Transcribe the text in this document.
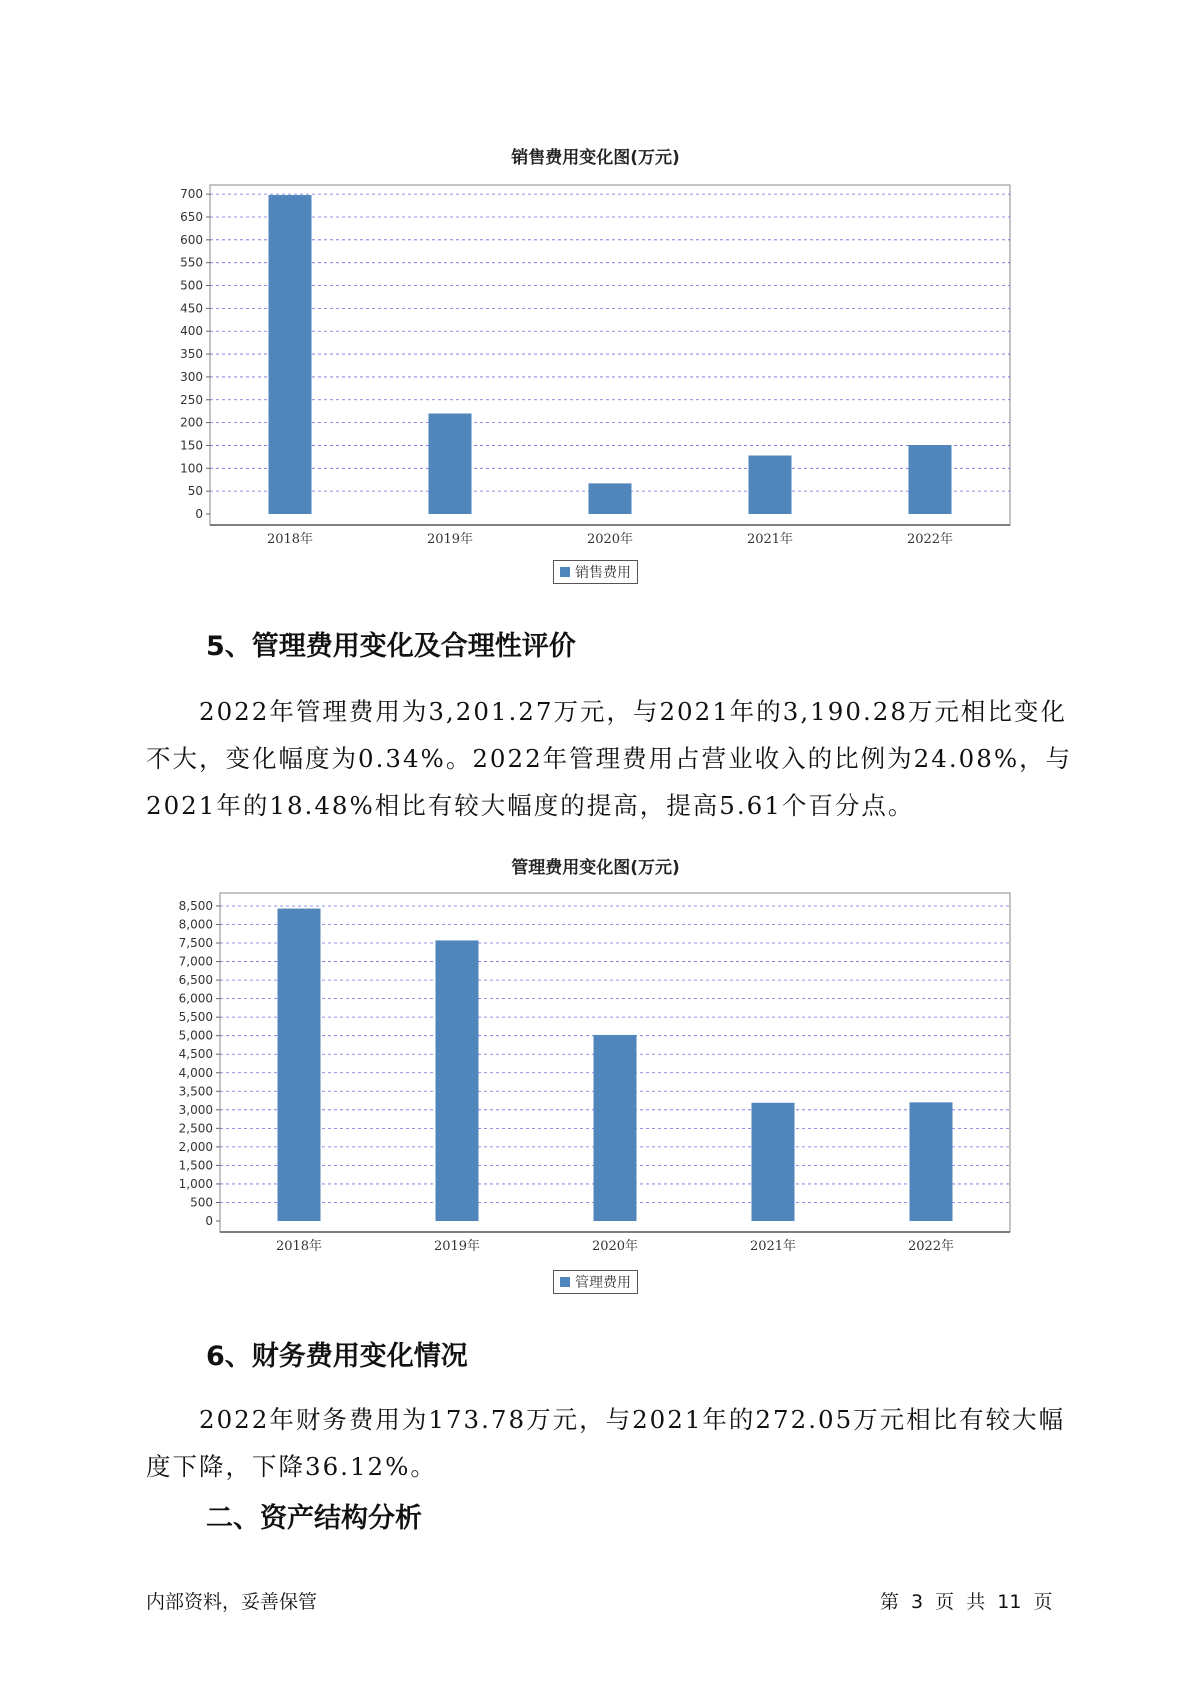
销售费用变化图(万元)
0
50
100
150
200
250
300
350
400
450
500
550
600
650
700
2018年	2019年	2020年	2021年	2022年
销售费用
5、管理费用变化及合理性评价

　　2022年管理费用为3,201.27万元，与2021年的3,190.28万元相比变化
不大，变化幅度为0.34%。2022年管理费用占营业收入的比例为24.08%，与
2021年的18.48%相比有较大幅度的提高，提高5.61个百分点。

管理费用变化图(万元)
0
500
1,000
1,500
2,000
2,500
3,000
3,500
4,000
4,500
5,000
5,500
6,000
6,500
7,000
7,500
8,000
8,500
2018年	2019年	2020年	2021年	2022年
管理费用
6、财务费用变化情况

　　2022年财务费用为173.78万元，与2021年的272.05万元相比有较大幅
度下降，下降36.12%。

二、资产结构分析
内部资料，妥善保管	第 3 页 共 11 页
